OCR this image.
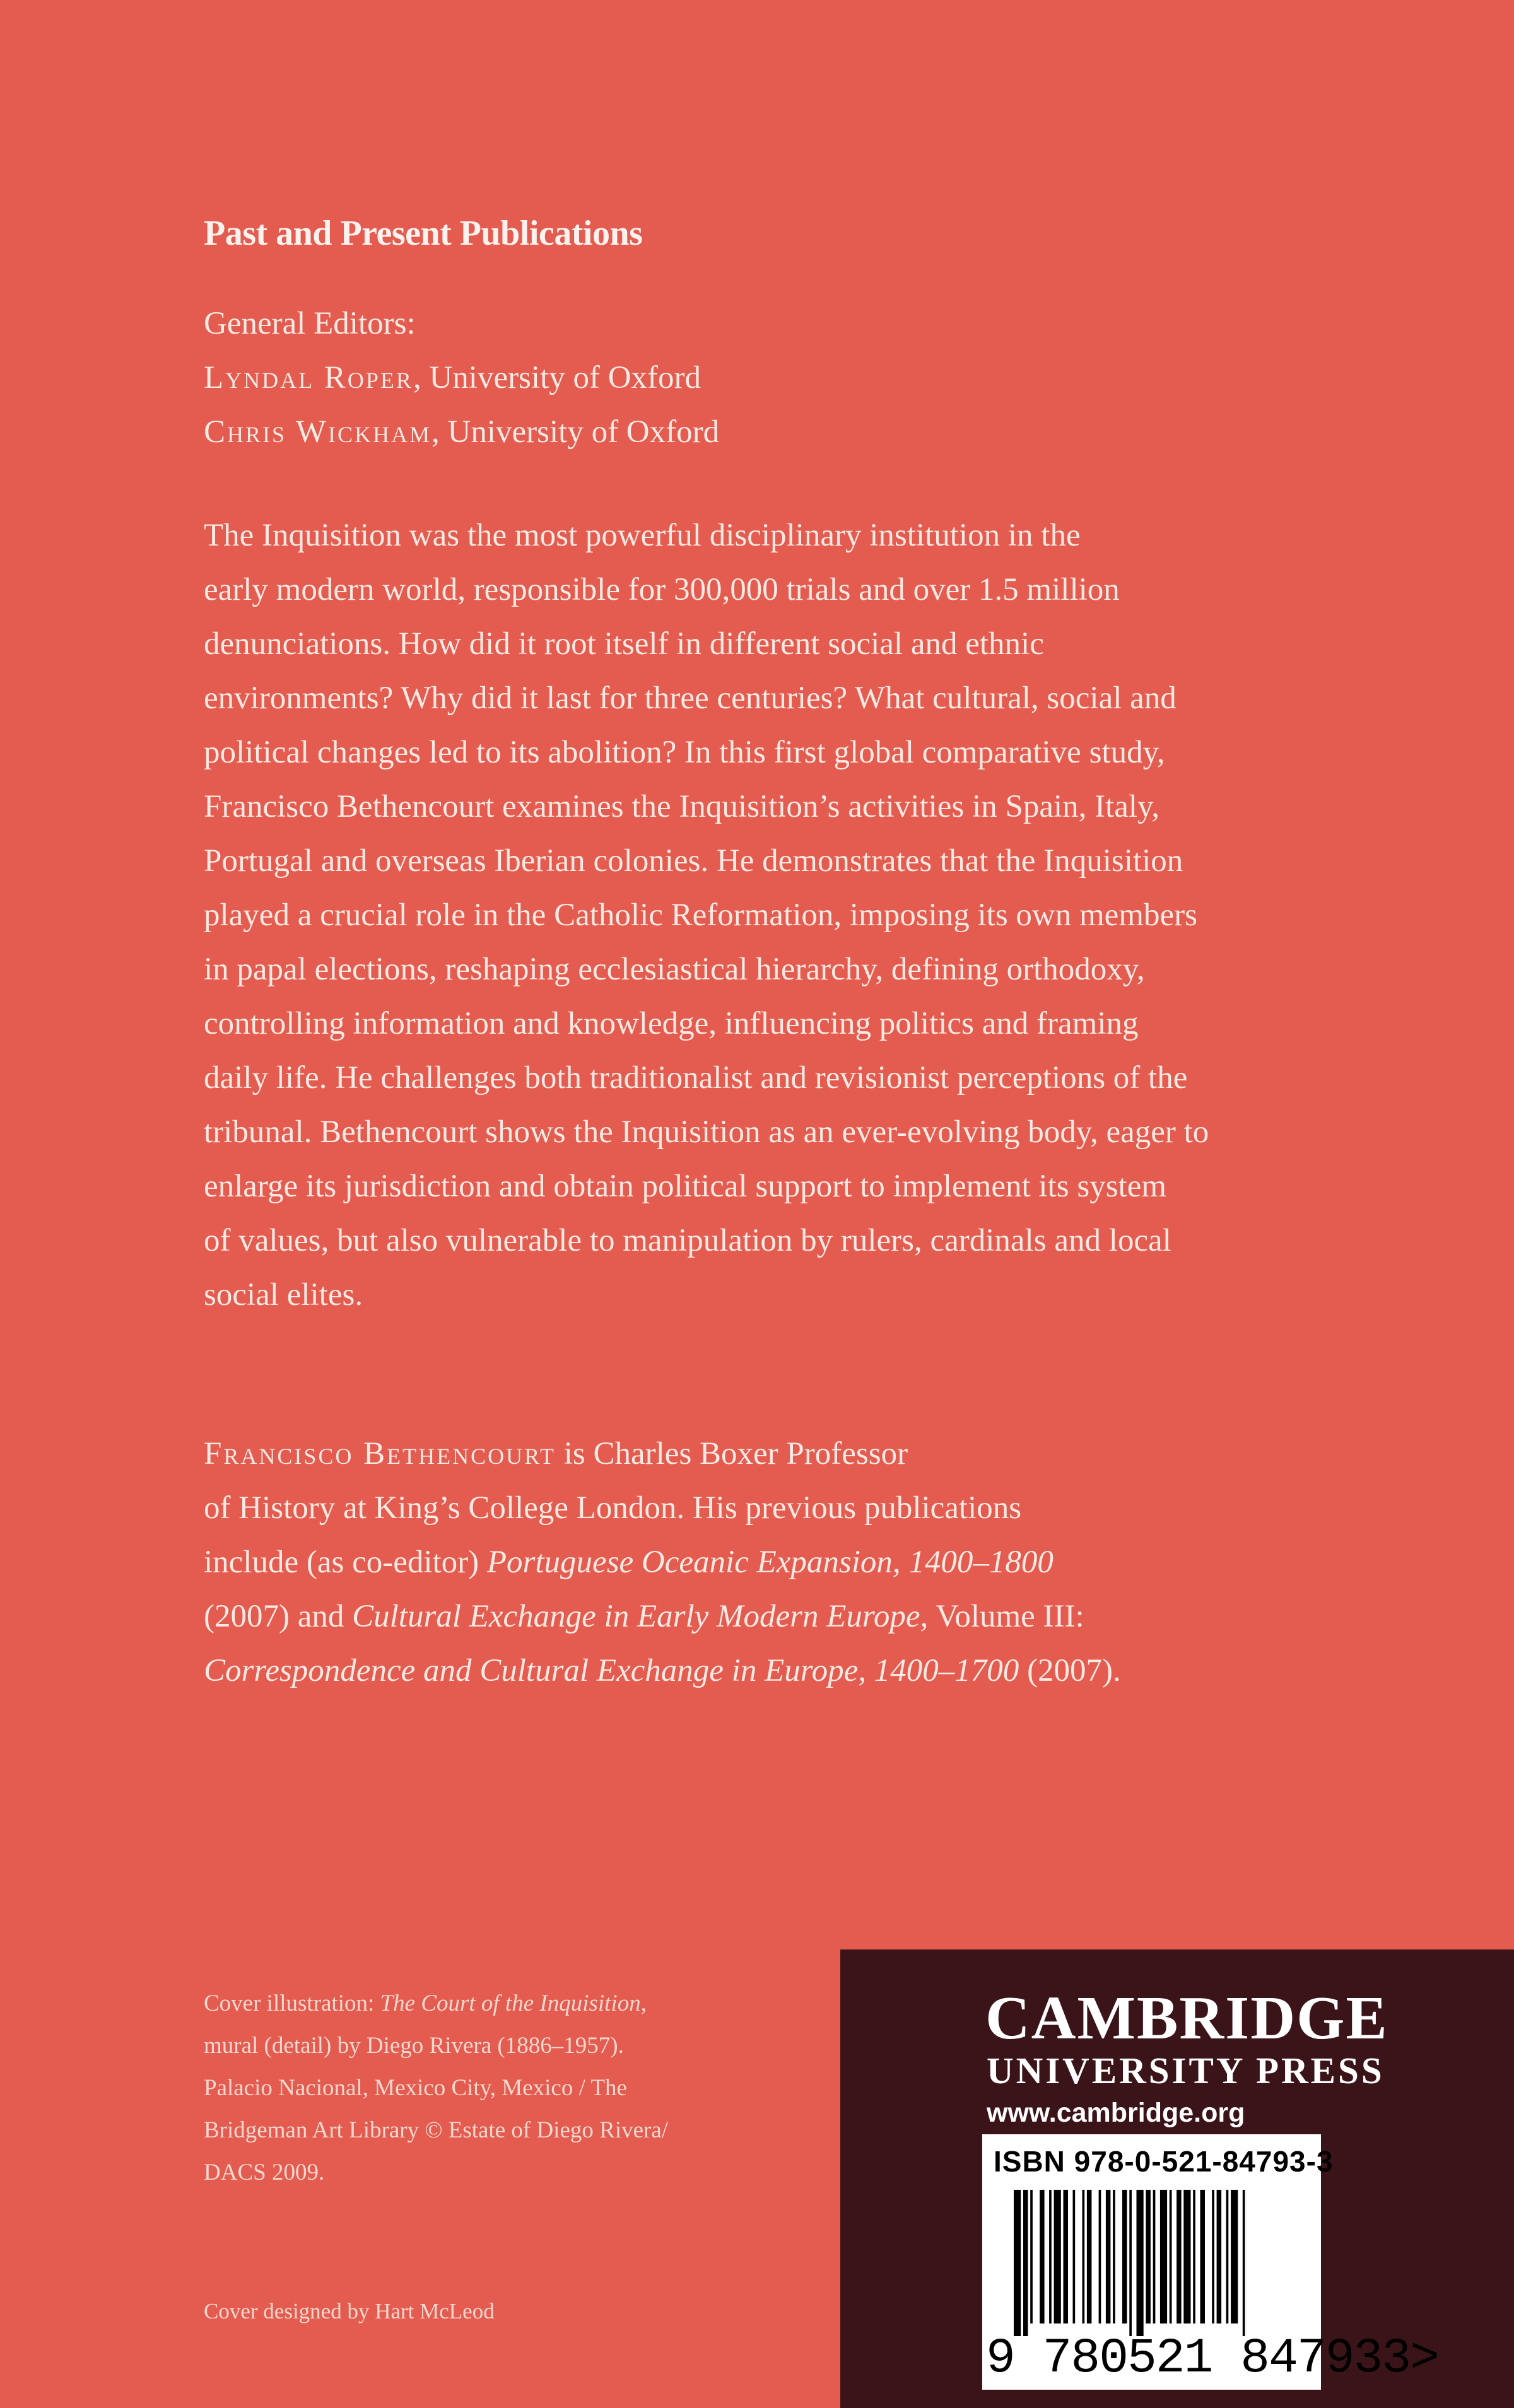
Past and Present Publications
General Editors:
Lyndal Roper, University of Oxford
Chris Wickham, University of Oxford

The Inquisition was the most powerful disciplinary institution in the

early modern world, responsible for 300,000 trials and over 1.5 million

denunciations. How did it root itself in different social and ethnic

environments? Why did it last for three centuries? What cultural, social and

political changes led to its abolition? In this first global comparative study,

Francisco Bethencourt examines the Inquisition’s activities in Spain, Italy,

Portugal and overseas Iberian colonies. He demonstrates that the Inquisition

played a crucial role in the Catholic Reformation, imposing its own members

in papal elections, reshaping ecclesiastical hierarchy, defining orthodoxy,

controlling information and knowledge, influencing politics and framing

daily life. He challenges both traditionalist and revisionist perceptions of the

tribunal. Bethencourt shows the Inquisition as an ever-evolving body, eager to

enlarge its jurisdiction and obtain political support to implement its system

of values, but also vulnerable to manipulation by rulers, cardinals and local

social elites.

Francisco Bethencourt is Charles Boxer Professor

of History at King’s College London. His previous publications

include (as co-editor) Portuguese Oceanic Expansion, 1400–1800

(2007) and Cultural Exchange in Early Modern Europe, Volume III:

Correspondence and Cultural Exchange in Europe, 1400–1700 (2007).

Cover illustration: The Court of the Inquisition,

mural (detail) by Diego Rivera (1886–1957).

Palacio Nacional, Mexico City, Mexico / The

Bridgeman Art Library © Estate of Diego Rivera/

DACS 2009.

Cover designed by Hart McLeod
CAMBRIDGE
UNIVERSITY PRESS
www.cambridge.org
ISBN 978-0-521-84793-3
9 780521 847933>
